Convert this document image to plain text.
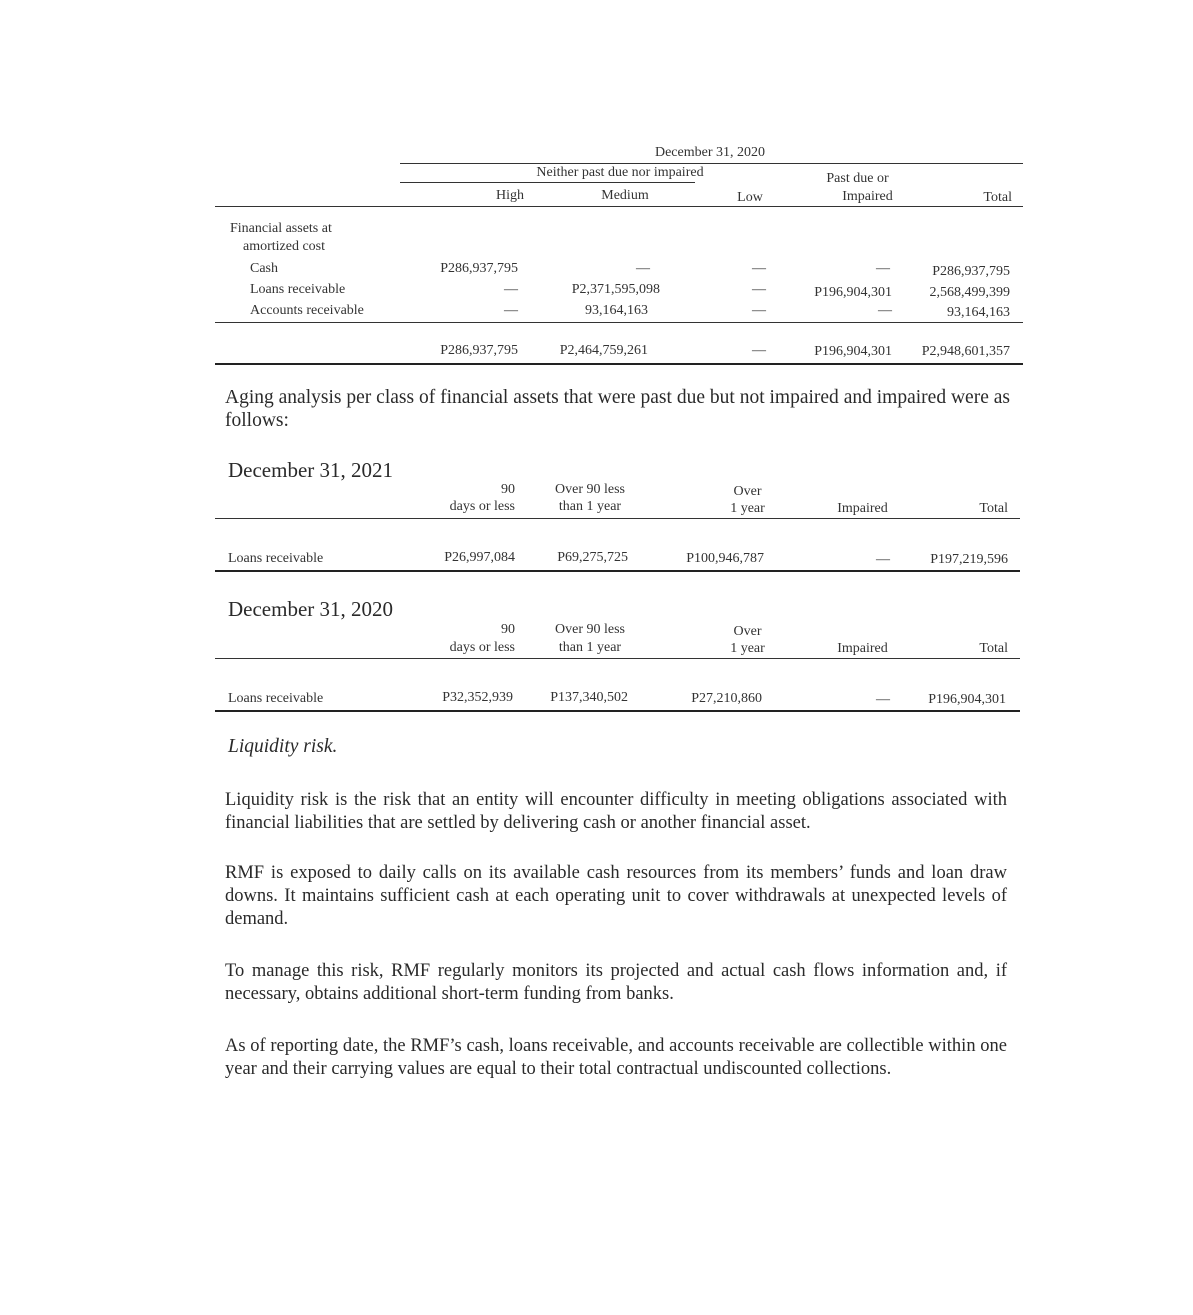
December 31, 2020
Neither past due nor impaired
High	Medium	Low
Past due or
Impaired	Total
Financial assets at
amortized cost
Cash	P286,937,795	—	—	—	P286,937,795
Loans receivable	—	P2,371,595,098	—	P196,904,301	2,568,499,399
Accounts receivable	—	93,164,163	—	—	93,164,163
P286,937,795	P2,464,759,261	—	P196,904,301	P2,948,601,357
Aging analysis per class of financial assets that were past due but not impaired and impaired were as follows:
December 31, 2021
90
days or less
Over 90 less
than 1 year
Over
1 year	Impaired	Total
Loans receivable	P26,997,084	P69,275,725	P100,946,787	—	P197,219,596
December 31, 2020
90
days or less
Over 90 less
than 1 year
Over
1 year	Impaired	Total
Loans receivable	P32,352,939	P137,340,502	P27,210,860	—	P196,904,301
Liquidity risk.
Liquidity risk is the risk that an entity will encounter difficulty in meeting obligations associated with financial liabilities that are settled by delivering cash or another financial asset.
RMF is exposed to daily calls on its available cash resources from its members’ funds and loan draw downs. It maintains sufficient cash at each operating unit to cover withdrawals at unexpected levels of demand.
To manage this risk, RMF regularly monitors its projected and actual cash flows information and, if necessary, obtains additional short-term funding from banks.
As of reporting date, the RMF’s cash, loans receivable, and accounts receivable are collectible within one year and their carrying values are equal to their total contractual undiscounted collections.
